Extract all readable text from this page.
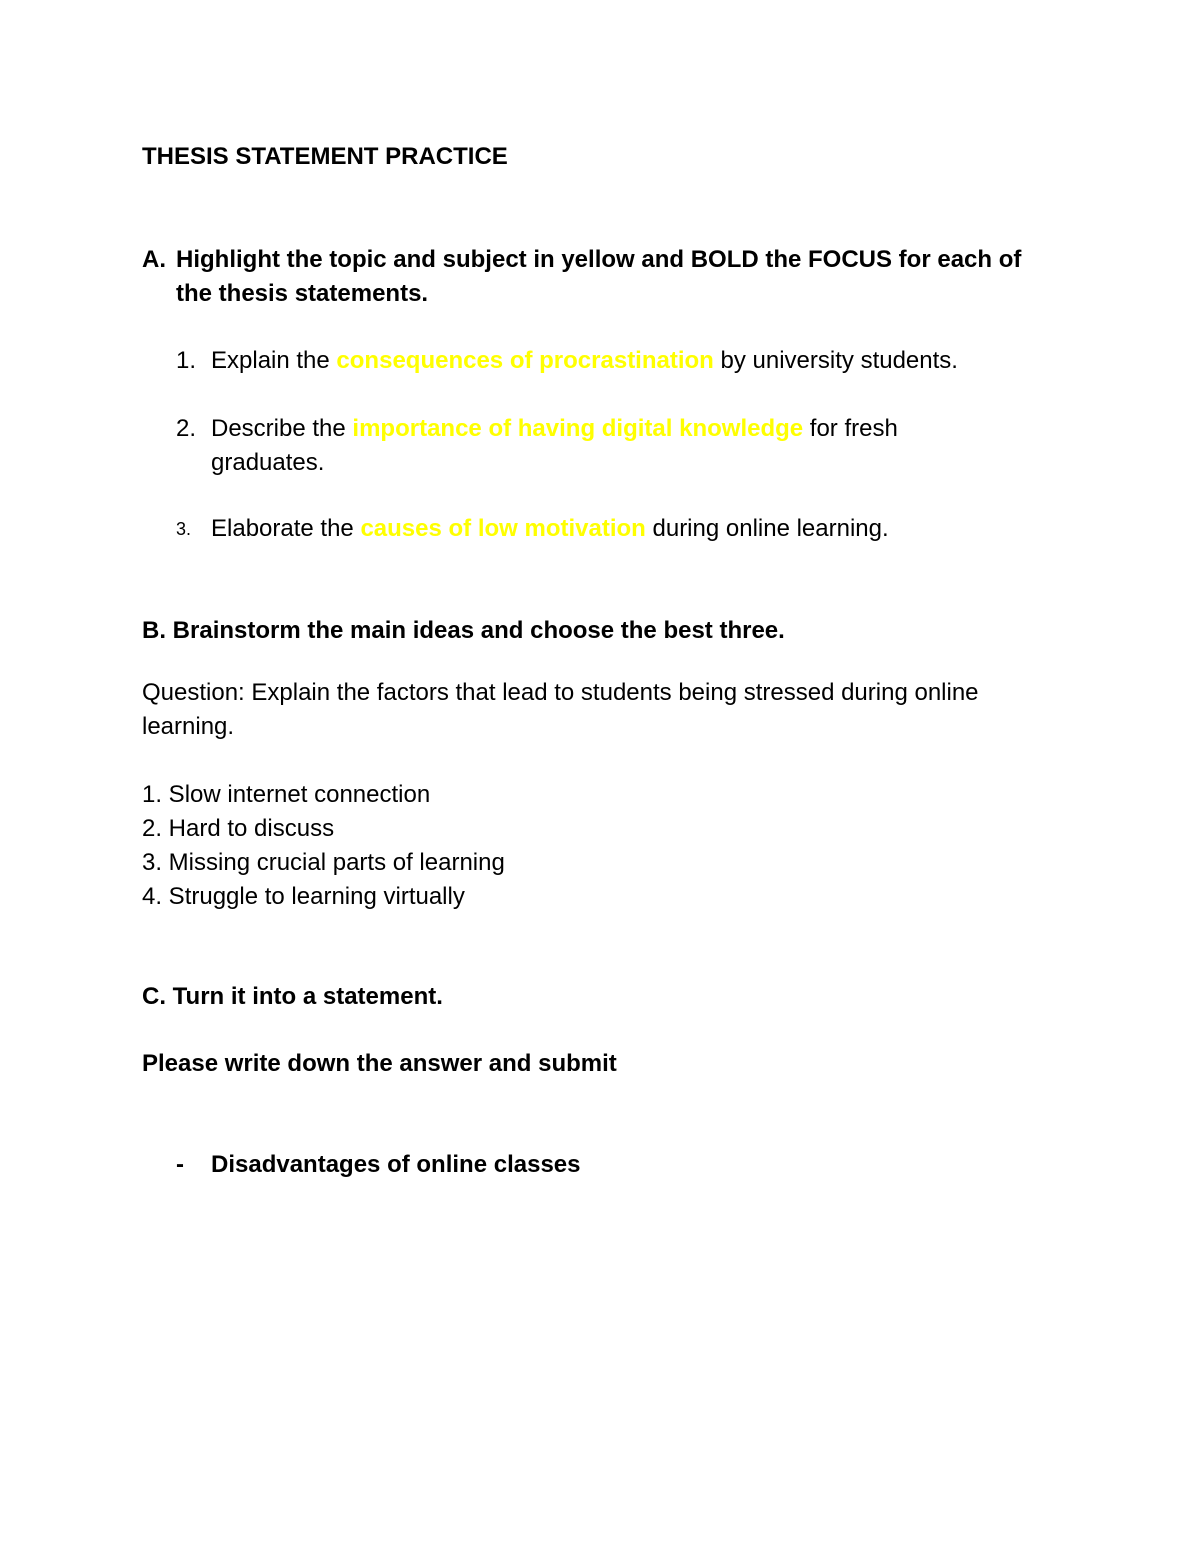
THESIS STATEMENT PRACTICE
A. Highlight the topic and subject in yellow and BOLD the FOCUS for each of the thesis statements.
1. Explain the consequences of procrastination by university students.
2. Describe the importance of having digital knowledge for fresh graduates.
3. Elaborate the causes of low motivation during online learning.
B. Brainstorm the main ideas and choose the best three.
Question: Explain the factors that lead to students being stressed during online learning.
1. Slow internet connection
2. Hard to discuss
3. Missing crucial parts of learning
4. Struggle to learning virtually
C. Turn it into a statement.
Please write down the answer and submit
- Disadvantages of online classes
